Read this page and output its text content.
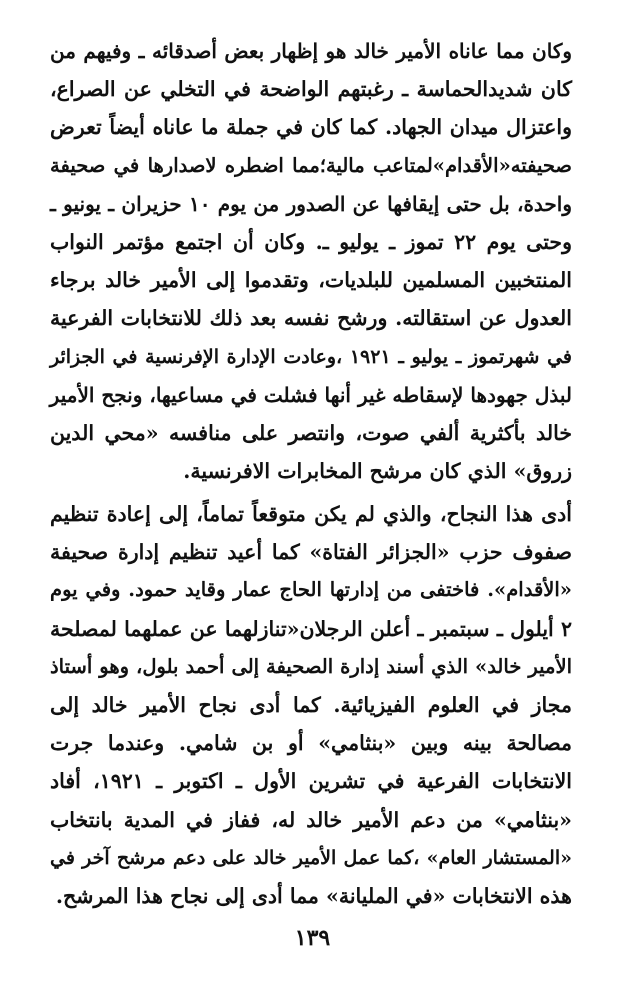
وكان مما عاناه الأمير خالد هو إظهار بعض أصدقائه ـ وفيهم من
كان شديدالحماسة ـ رغبتهم الواضحة في التخلي عن الصراع،
واعتزال ميدان الجهاد. كما كان في جملة ما عاناه أيضاً تعرض
صحيفته«الأقدام»لمتاعب مالية؛مما اضطره لاصدارها في صحيفة
واحدة، بل حتى إيقافها عن الصدور من يوم ١٠ حزيران ـ يونيو ـ
وحتى يوم ٢٢ تموز ـ يوليو ـ. وكان أن اجتمع مؤتمر النواب
المنتخبين المسلمين للبلديات، وتقدموا إلى الأمير خالد برجاء
العدول عن استقالته. ورشح نفسه بعد ذلك للانتخابات الفرعية
في شهرتموز ـ يوليو ـ ١٩٢١ ،وعادت الإدارة الإفرنسية في الجزائر
لبذل جهودها لإسقاطه غير أنها فشلت في مساعيها، ونجح الأمير
خالد بأكثرية ألفي صوت، وانتصر على منافسه «محي الدين
زروق» الذي كان مرشح المخابرات الافرنسية.
أدى هذا النجاح، والذي لم يكن متوقعاً تماماً، إلى إعادة تنظيم
صفوف حزب «الجزائر الفتاة» كما أعيد تنظيم إدارة صحيفة
«الأقدام». فاختفى من إدارتها الحاج عمار وقايد حمود. وفي يوم
٢ أيلول ـ سبتمبر ـ أعلن الرجلان«تنازلهما عن عملهما لمصلحة
الأمير خالد» الذي أسند إدارة الصحيفة إلى أحمد بلول، وهو أستاذ
مجاز في العلوم الفيزيائية. كما أدى نجاح الأمير خالد إلى
مصالحة بينه وبين «بنثامي» أو بن شامي. وعندما جرت
الانتخابات الفرعية في تشرين الأول ـ اكتوبر ـ ١٩٢١، أفاد
«بنثامي» من دعم الأمير خالد له، ففاز في المدية بانتخاب
«المستشار العام» ،كما عمل الأمير خالد على دعم مرشح آخر في
هذه الانتخابات «في المليانة» مما أدى إلى نجاح هذا المرشح.
١٣٩
